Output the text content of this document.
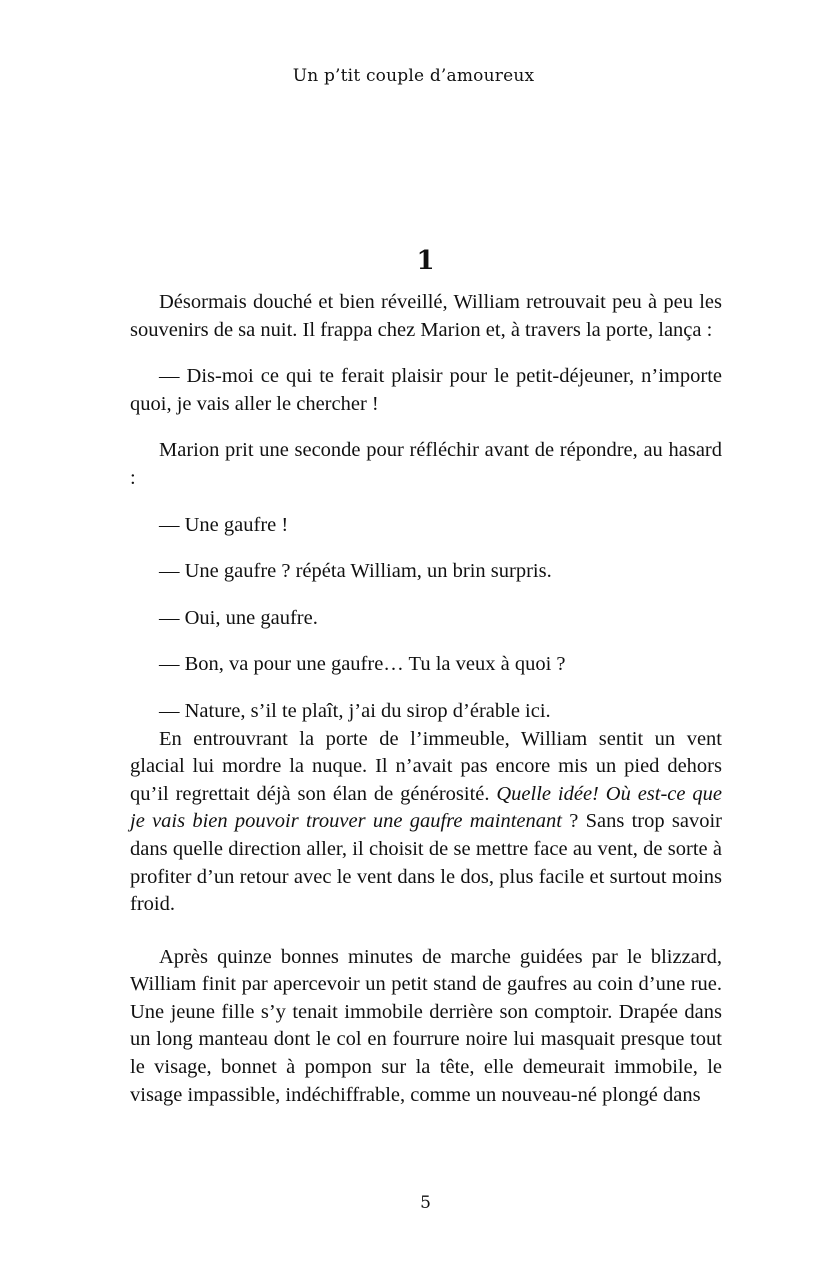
Un p’tit couple d’amoureux
1

Désormais douché et bien réveillé, William retrouvait peu à peu les souvenirs de sa nuit. Il frappa chez Marion et, à travers la porte, lança :

— Dis-moi ce qui te ferait plaisir pour le petit-déjeuner, n’importe quoi, je vais aller le chercher !

Marion prit une seconde pour réfléchir avant de répondre, au hasard :

— Une gaufre !

— Une gaufre ? répéta William, un brin surpris.

— Oui, une gaufre.

— Bon, va pour une gaufre… Tu la veux à quoi ?

— Nature, s’il te plaît, j’ai du sirop d’érable ici.

En entrouvrant la porte de l’immeuble, William sentit un vent glacial lui mordre la nuque. Il n’avait pas encore mis un pied dehors qu’il regrettait déjà son élan de générosité. Quelle idée! Où est-ce que je vais bien pouvoir trouver une gaufre maintenant ? Sans trop savoir dans quelle direction aller, il choisit de se mettre face au vent, de sorte à profiter d’un retour avec le vent dans le dos, plus facile et surtout moins froid.

Après quinze bonnes minutes de marche guidées par le blizzard, William finit par apercevoir un petit stand de gaufres au coin d’une rue. Une jeune fille s’y tenait immobile derrière son comptoir. Drapée dans un long manteau dont le col en fourrure noire lui masquait presque tout le visage, bonnet à pompon sur la tête, elle demeurait immobile, le visage impassible, indéchiffrable, comme un nouveau-né plongé dans

5
